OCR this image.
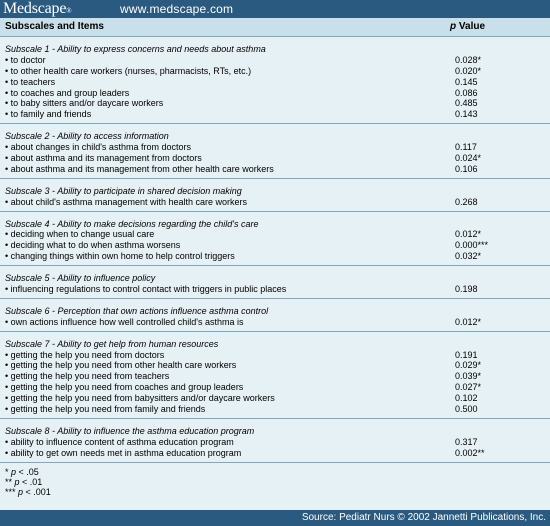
Medscape®	www.medscape.com
Subscales and Items	p Value
Subscale 1 - Ability to express concerns and needs about asthma
• to doctor	0.028*
• to other health care workers (nurses, pharmacists, RTs, etc.)	0.020*
• to teachers	0.145
• to coaches and group leaders	0.086
• to baby sitters and/or daycare workers	0.485
• to family and friends	0.143
Subscale 2 - Ability to access information
• about changes in child's asthma from doctors	0.117
• about asthma and its management from doctors	0.024*
• about asthma and its management from other health care workers	0.106
Subscale 3 - Ability to participate in shared decision making
• about child's asthma management with health care workers	0.268
Subscale 4 - Ability to make decisions regarding the child's care
• deciding when to change usual care	0.012*
• deciding what to do when asthma worsens	0.000***
• changing things within own home to help control triggers	0.032*
Subscale 5 - Ability to influence policy
• influencing regulations to control contact with triggers in public places	0.198
Subscale 6 - Perception that own actions influence asthma control
• own actions influence how well controlled child's asthma is	0.012*
Subscale 7 - Ability to get help from human resources
• getting the help you need from doctors	0.191
• getting the help you need from other health care workers	0.029*
• getting the help you need from teachers	0.039*
• getting the help you need from coaches and group leaders	0.027*
• getting the help you need from babysitters and/or daycare workers	0.102
• getting the help you need from family and friends	0.500
Subscale 8 - Ability to influence the asthma education program
• ability to influence content of asthma education program	0.317
• ability to get own needs met in asthma education program	0.002**
* p < .05
** p < .01
*** p < .001
Source: Pediatr Nurs © 2002 Jannetti Publications, Inc.
